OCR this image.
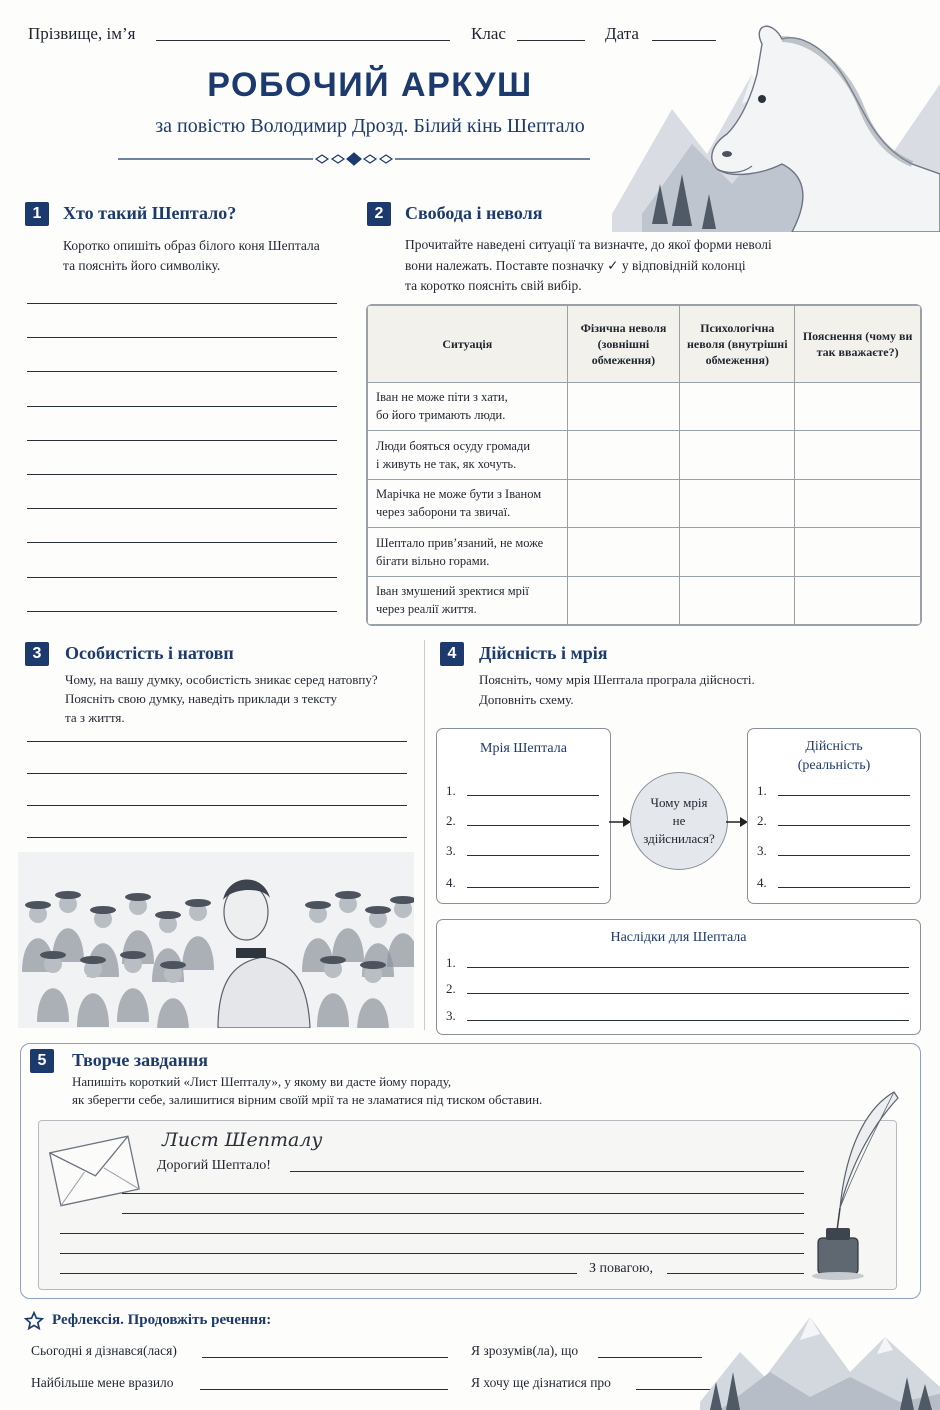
Прізвище, ім’я	Клас	Дата
РОБОЧИЙ АРКУШ
за повістю Володимир Дрозд. Білий кінь Шептало
1	Хто такий Шептало?
Коротко опишіть образ білого коня Шептала
та поясніть його символіку.
2	Свобода і неволя
Прочитайте наведені ситуації та визначте, до якої форми неволі
вони належать. Поставте позначку ✓ у відповідній колонці
та коротко поясніть свій вибір.
Ситуація	Фізична неволя (зовнішні обмеження)	Психологічна неволя (внутрішні обмеження)	Пояснення (чому ви так вважаєте?)

Іван не може піти з хати,
бо його тримають люди.			

Люди бояться осуду громади
і живуть не так, як хочуть.			

Марічка не може бути з Іваном
через заборони та звичаї.			

Шептало прив’язаний, не може
бігати вільно горами.			

Іван змушений зректися мрії
через реалії життя.			

3	Особистість і натовп
Чому, на вашу думку, особистість зникає серед натовпу?
Поясніть свою думку, наведіть приклади з тексту
та з життя.
4	Дійсність і мрія
Поясніть, чому мрія Шептала програла дійсності.
Доповніть схему.
Мрія Шептала
1.
2.
3.
4.
Чому мрія
не
здійснилася?
Дійсність
(реальність)
1.
2.
3.
4.
Наслідки для Шептала
1.
2.
3.
5	Творче завдання
Напишіть короткий «Лист Шепталу», у якому ви дасте йому пораду,
як зберегти себе, залишитися вірним своїй мрії та не зламатися під тиском обставин.
Лист Шепталу
Дорогий Шептало!
З повагою,
Рефлексія. Продовжіть речення:
Сьогодні я дізнався(лася)	Я зрозумів(ла), що
Найбільше мене вразило	Я хочу ще дізнатися про
